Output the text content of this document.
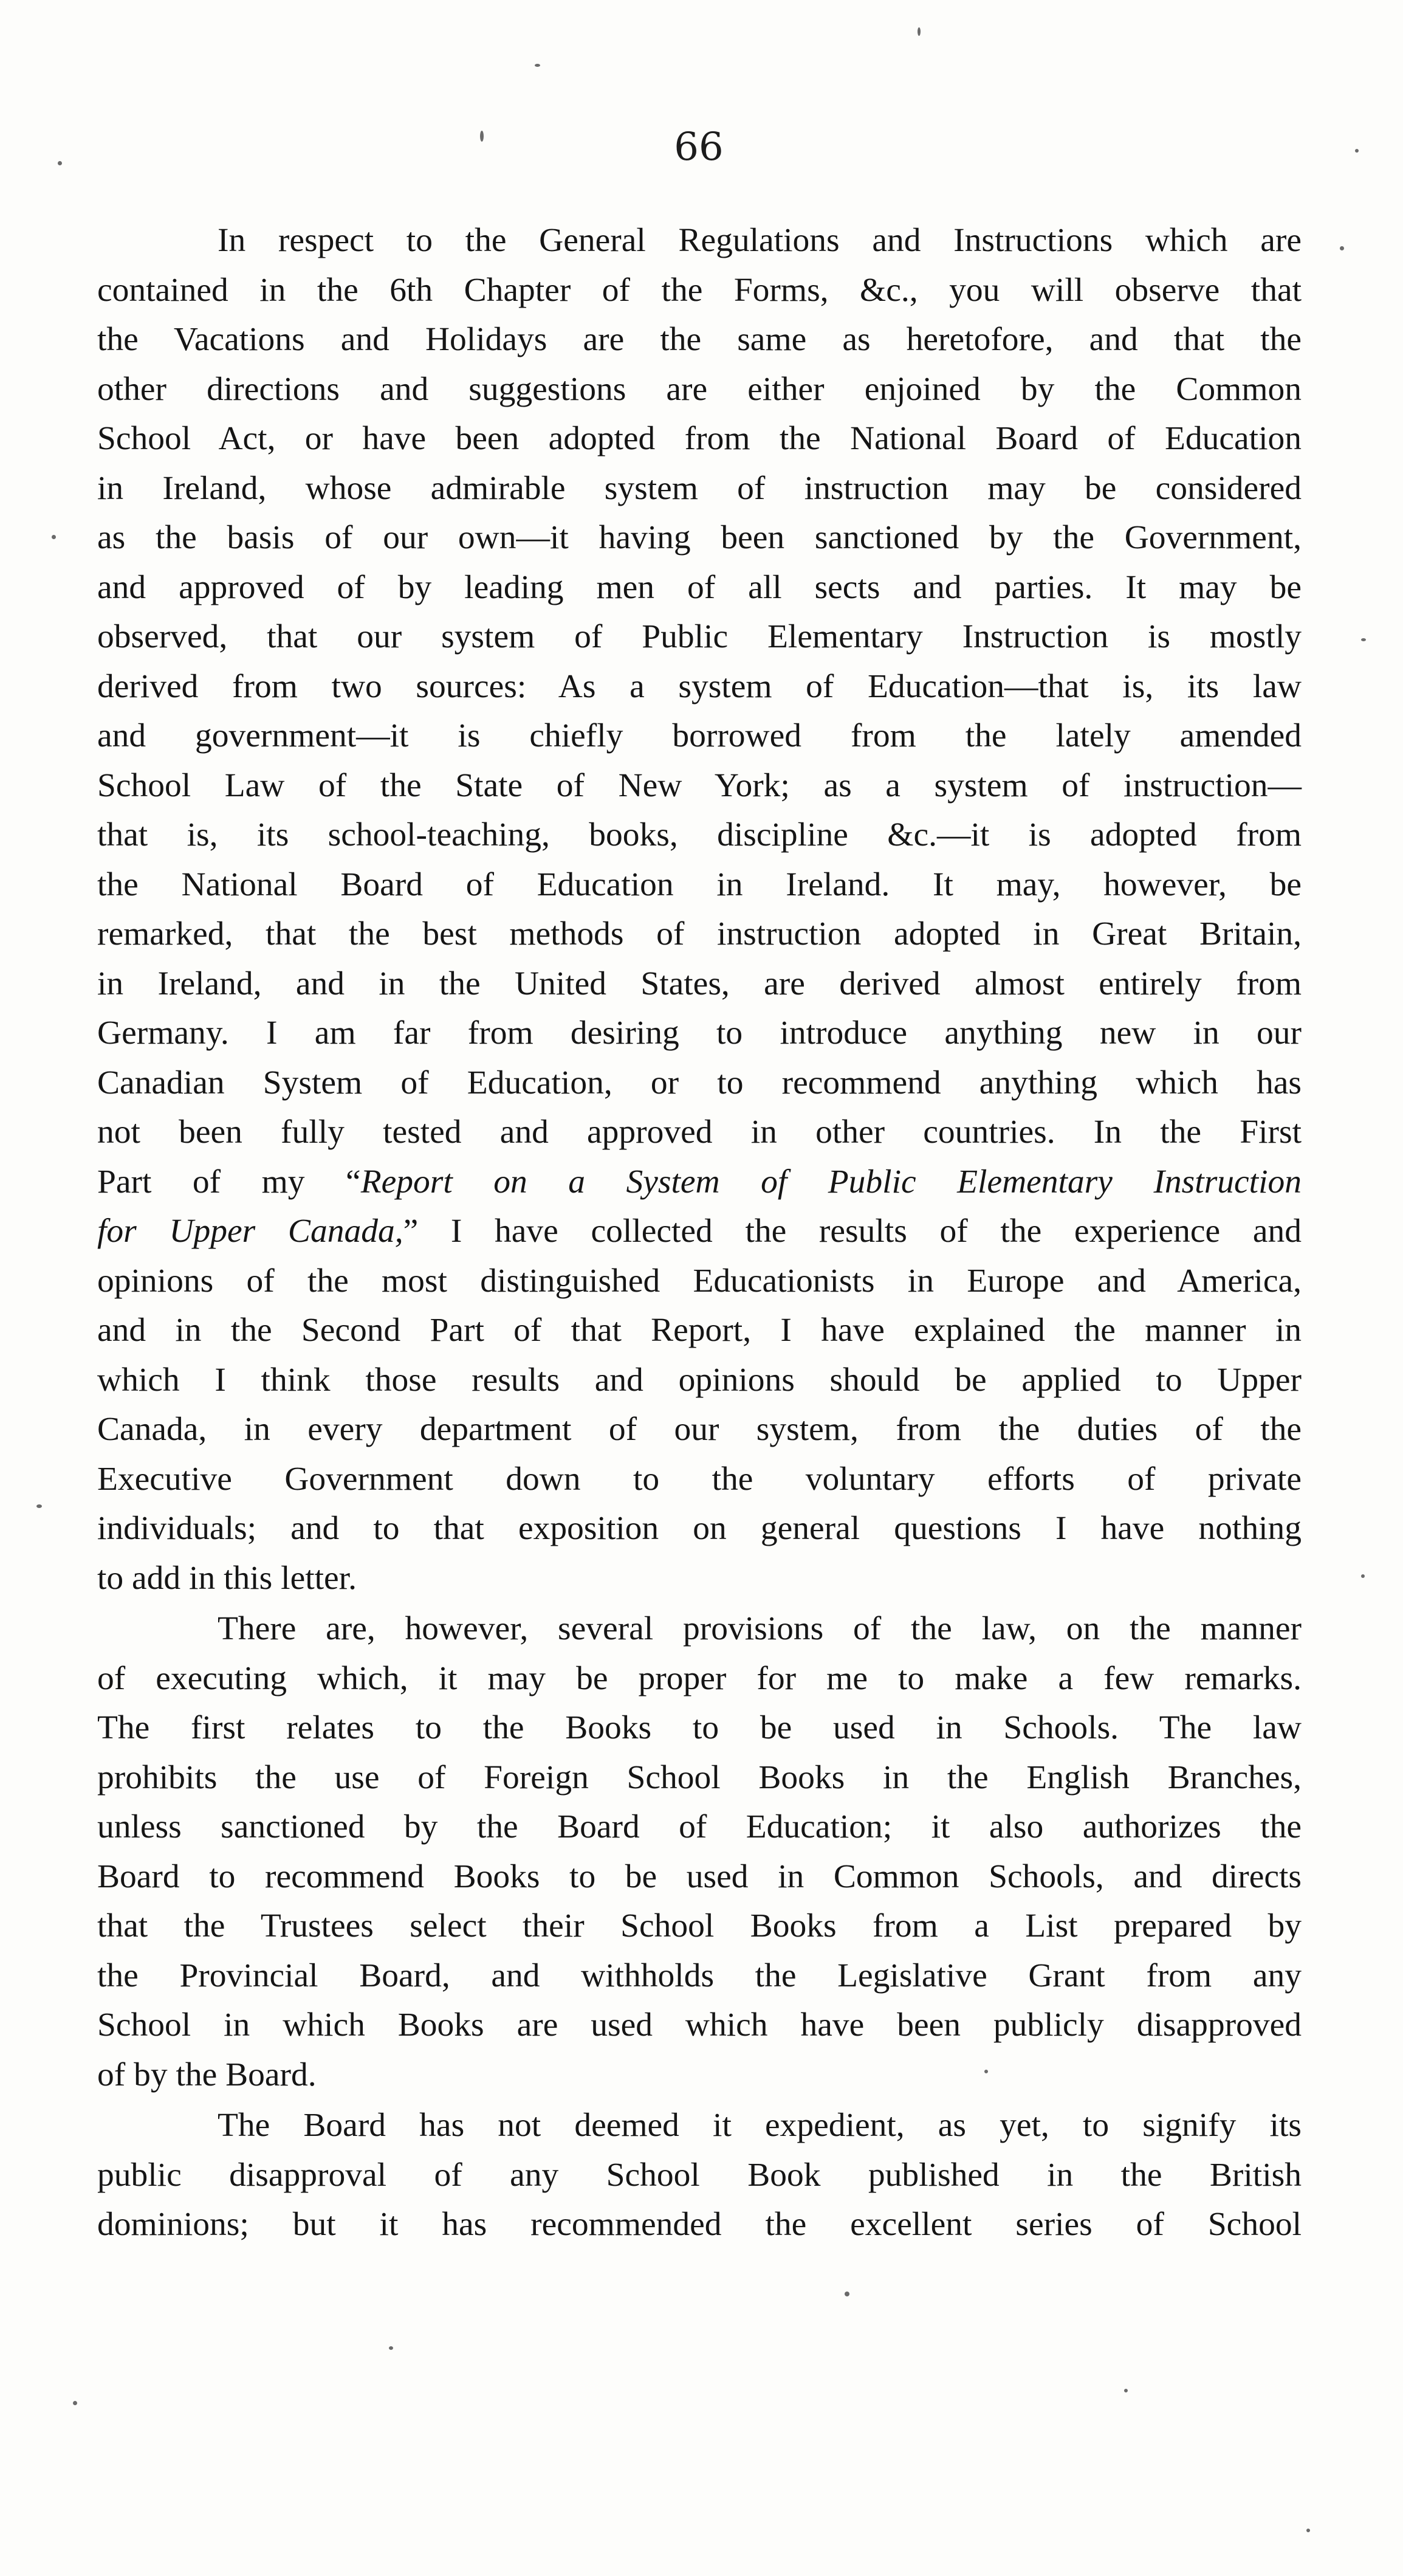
66

In respect to the General Regulations and Instructions which are
contained in the 6th Chapter of the Forms, &c., you will observe that
the Vacations and Holidays are the same as heretofore, and that the
other directions and suggestions are either enjoined by the Common
School Act, or have been adopted from the National Board of Education
in Ireland, whose admirable system of instruction may be considered
as the basis of our own—it having been sanctioned by the Government,
and approved of by leading men of all sects and parties. It may be
observed, that our system of Public Elementary Instruction is mostly
derived from two sources: As a system of Education—that is, its law
and government—it is chiefly borrowed from the lately amended
School Law of the State of New York; as a system of instruction—
that is, its school-teaching, books, discipline &c.—it is adopted from
the National Board of Education in Ireland. It may, however, be
remarked, that the best methods of instruction adopted in Great Britain,
in Ireland, and in the United States, are derived almost entirely from
Germany. I am far from desiring to introduce anything new in our
Canadian System of Education, or to recommend anything which has
not been fully tested and approved in other countries. In the First
Part of my “Report on a System of Public Elementary Instruction
for Upper Canada,” I have collected the results of the experience and
opinions of the most distinguished Educationists in Europe and America,
and in the Second Part of that Report, I have explained the manner in
which I think those results and opinions should be applied to Upper
Canada, in every department of our system, from the duties of the
Executive Government down to the voluntary efforts of private
individuals; and to that exposition on general questions I have nothing
to add in this letter.
There are, however, several provisions of the law, on the manner
of executing which, it may be proper for me to make a few remarks.
The first relates to the Books to be used in Schools. The law
prohibits the use of Foreign School Books in the English Branches,
unless sanctioned by the Board of Education; it also authorizes the
Board to recommend Books to be used in Common Schools, and directs
that the Trustees select their School Books from a List prepared by
the Provincial Board, and withholds the Legislative Grant from any
School in which Books are used which have been publicly disapproved
of by the Board.
The Board has not deemed it expedient, as yet, to signify its
public disapproval of any School Book published in the British
dominions; but it has recommended the excellent series of School
